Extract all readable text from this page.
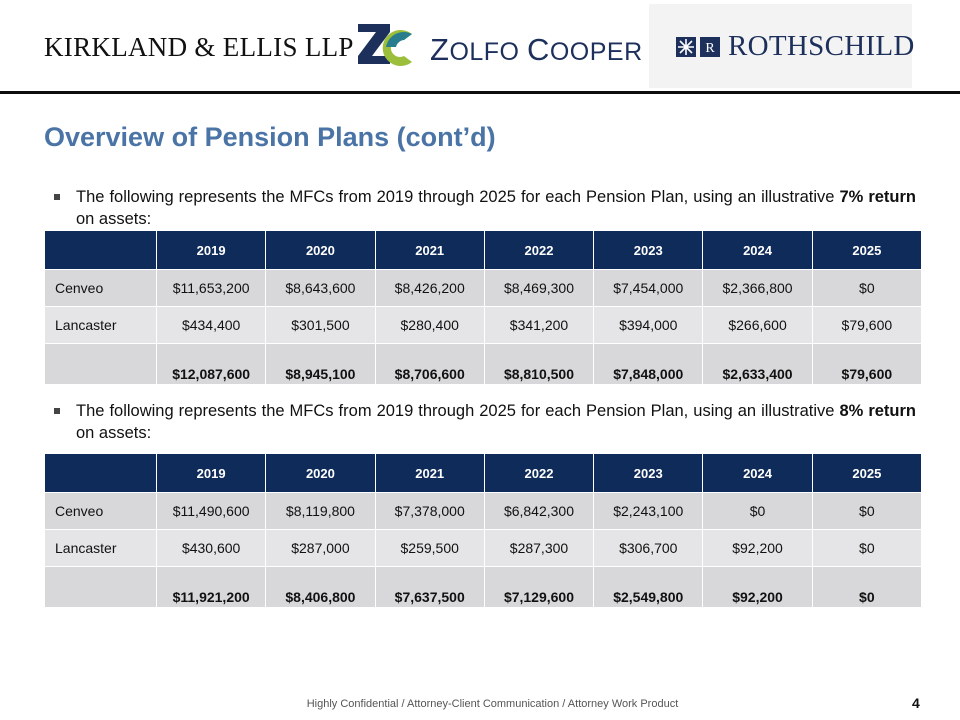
KIRKLAND & ELLIS LLP ZOLFO COOPER	R ROTHSCHILD
Overview of Pension Plans (cont’d)
The following represents the MFCs from 2019 through 2025 for each Pension Plan, using an illustrative 7% return on assets:
	2019	2020	2021	2022	2023	2024	2025
Cenveo	$11,653,200	$8,643,600	$8,426,200	$8,469,300	$7,454,000	$2,366,800	$0
Lancaster	$434,400	$301,500	$280,400	$341,200	$394,000	$266,600	$79,600
	$12,087,600	$8,945,100	$8,706,600	$8,810,500	$7,848,000	$2,633,400	$79,600
The following represents the MFCs from 2019 through 2025 for each Pension Plan, using an illustrative 8% return on assets:
	2019	2020	2021	2022	2023	2024	2025
Cenveo	$11,490,600	$8,119,800	$7,378,000	$6,842,300	$2,243,100	$0	$0
Lancaster	$430,600	$287,000	$259,500	$287,300	$306,700	$92,200	$0
	$11,921,200	$8,406,800	$7,637,500	$7,129,600	$2,549,800	$92,200	$0
Highly Confidential / Attorney-Client Communication / Attorney Work Product	4
